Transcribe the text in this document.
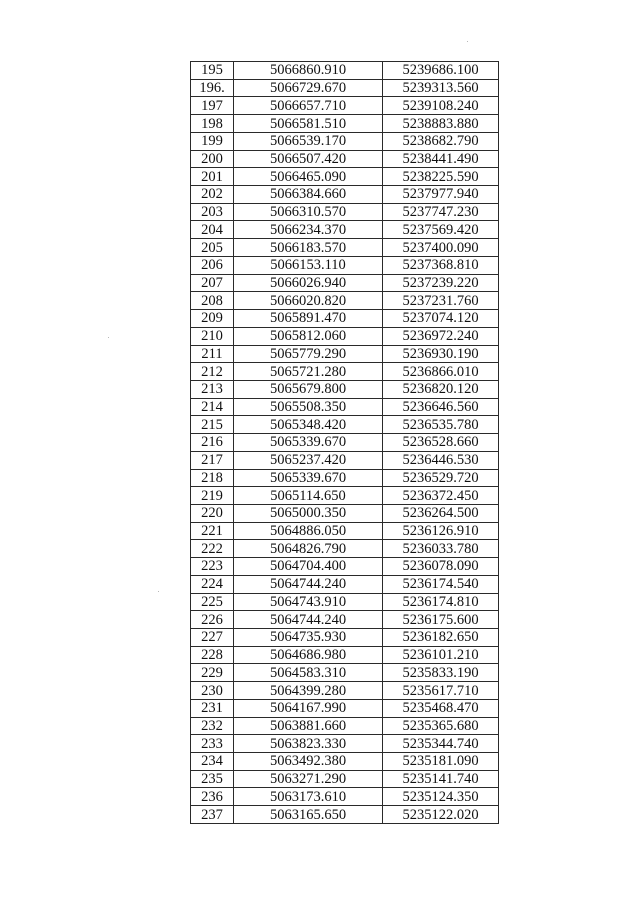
195	5066860.910	5239686.100
196.	5066729.670	5239313.560
197	5066657.710	5239108.240
198	5066581.510	5238883.880
199	5066539.170	5238682.790
200	5066507.420	5238441.490
201	5066465.090	5238225.590
202	5066384.660	5237977.940
203	5066310.570	5237747.230
204	5066234.370	5237569.420
205	5066183.570	5237400.090
206	5066153.110	5237368.810
207	5066026.940	5237239.220
208	5066020.820	5237231.760
209	5065891.470	5237074.120
210	5065812.060	5236972.240
211	5065779.290	5236930.190
212	5065721.280	5236866.010
213	5065679.800	5236820.120
214	5065508.350	5236646.560
215	5065348.420	5236535.780
216	5065339.670	5236528.660
217	5065237.420	5236446.530
218	5065339.670	5236529.720
219	5065114.650	5236372.450
220	5065000.350	5236264.500
221	5064886.050	5236126.910
222	5064826.790	5236033.780
223	5064704.400	5236078.090
224	5064744.240	5236174.540
225	5064743.910	5236174.810
226	5064744.240	5236175.600
227	5064735.930	5236182.650
228	5064686.980	5236101.210
229	5064583.310	5235833.190
230	5064399.280	5235617.710
231	5064167.990	5235468.470
232	5063881.660	5235365.680
233	5063823.330	5235344.740
234	5063492.380	5235181.090
235	5063271.290	5235141.740
236	5063173.610	5235124.350
237	5063165.650	5235122.020
